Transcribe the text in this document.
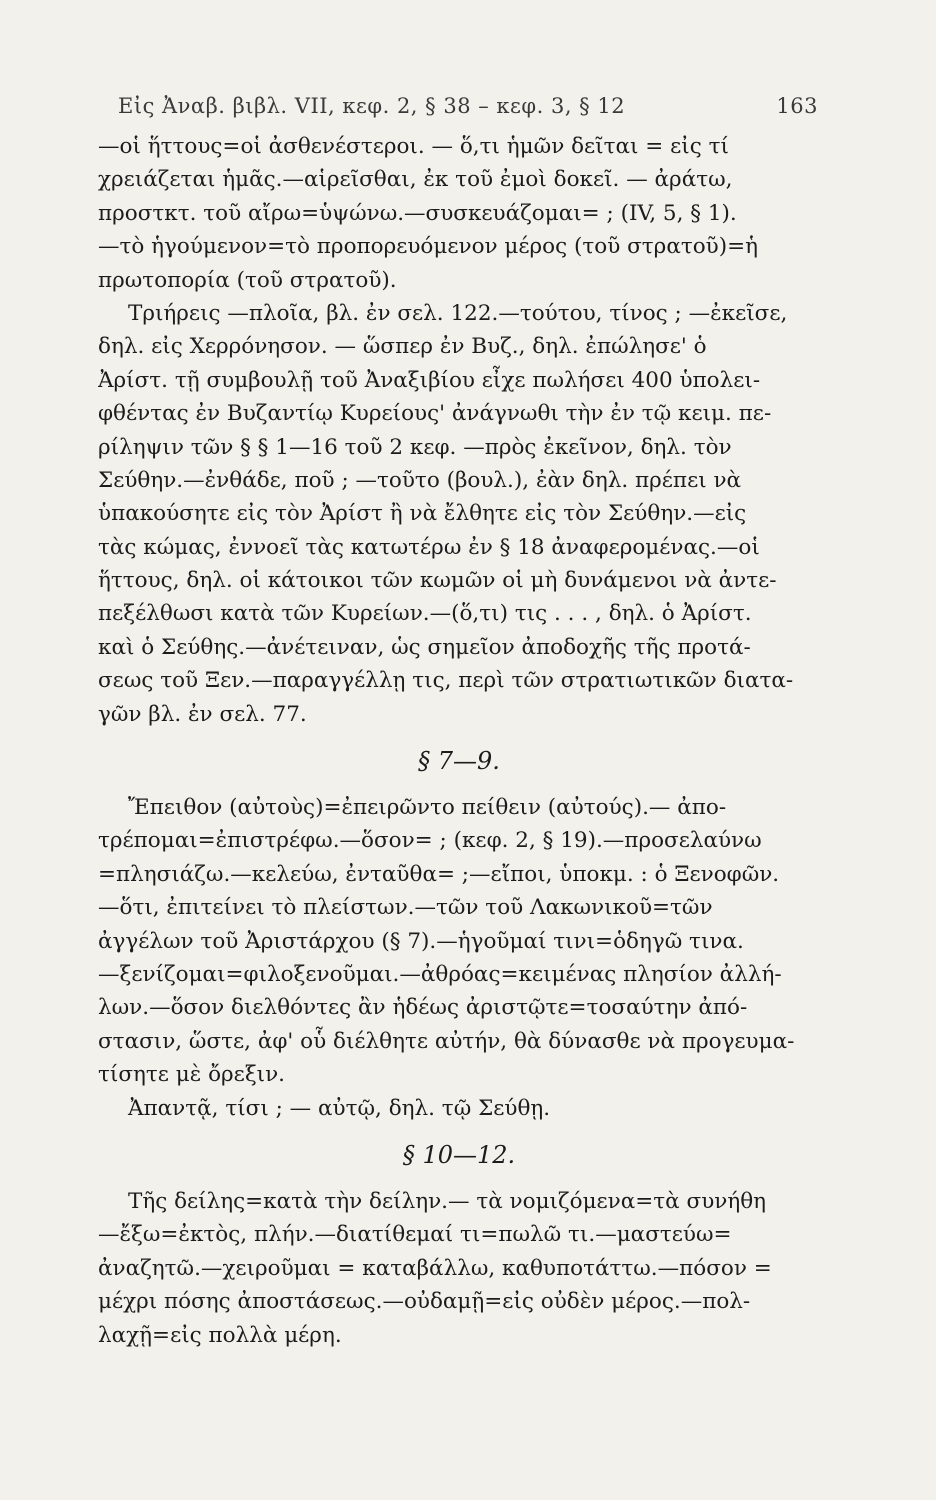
Εἰς Ἀναβ. βιβλ. VII, κεφ. 2, § 38 – κεφ. 3, § 12	163
—οἱ ἥττους=οἱ ἀσθενέστεροι. — ὅ,τι ἡμῶν δεῖται = εἰς τί
χρειάζεται ἡμᾶς.—αἱρεῖσθαι, ἐκ τοῦ ἐμοὶ δοκεῖ. — ἀράτω,
προστκτ. τοῦ αἴρω=ὑψώνω.—συσκευάζομαι= ; (IV, 5, § 1).
—τὸ ἡγούμενον=τὸ προπορευόμενον μέρος (τοῦ στρατοῦ)=ἡ
πρωτοπορία (τοῦ στρατοῦ).
Τριήρεις —πλοῖα, βλ. ἐν σελ. 122.—τούτου, τίνος ; —ἐκεῖσε,
δηλ. εἰς Χερρόνησον. — ὥσπερ ἐν Βυζ., δηλ. ἐπώλησε' ὁ
Ἀρίστ. τῇ συμβουλῇ τοῦ Ἀναξιβίου εἶχε πωλήσει 400 ὑπολει-
φθέντας ἐν Βυζαντίῳ Κυρείους' ἀνάγνωθι τὴν ἐν τῷ κειμ. πε-
ρίληψιν τῶν § § 1—16 τοῦ 2 κεφ. —πρὸς ἐκεῖνον, δηλ. τὸν
Σεύθην.—ἐνθάδε, ποῦ ; —τοῦτο (βουλ.), ἐὰν δηλ. πρέπει νὰ
ὑπακούσητε εἰς τὸν Ἀρίστ ἢ νὰ ἔλθητε εἰς τὸν Σεύθην.—εἰς
τὰς κώμας, ἐννοεῖ τὰς κατωτέρω ἐν § 18 ἀναφερομένας.—οἱ
ἥττους, δηλ. οἱ κάτοικοι τῶν κωμῶν οἱ μὴ δυνάμενοι νὰ ἀντε-
πεξέλθωσι κατὰ τῶν Κυρείων.—(ὅ,τι) τις . . . , δηλ. ὁ Ἀρίστ.
καὶ ὁ Σεύθης.—ἀνέτειναν, ὡς σημεῖον ἀποδοχῆς τῆς προτά-
σεως τοῦ Ξεν.—παραγγέλλῃ τις, περὶ τῶν στρατιωτικῶν διατα-
γῶν βλ. ἐν σελ. 77.
§ 7—9.
Ἔπειθον (αὐτοὺς)=ἐπειρῶντο πείθειν (αὐτούς).— ἀπο-
τρέπομαι=ἐπιστρέφω.—ὅσον= ; (κεφ. 2, § 19).—προσελαύνω
=πλησιάζω.—κελεύω, ἐνταῦθα= ;—εἴποι, ὑποκμ. : ὁ Ξενοφῶν.
—ὅτι, ἐπιτείνει τὸ πλείστων.—τῶν τοῦ Λακωνικοῦ=τῶν
ἀγγέλων τοῦ Ἀριστάρχου (§ 7).—ἡγοῦμαί τινι=ὁδηγῶ τινα.
—ξενίζομαι=φιλοξενοῦμαι.—ἀθρόας=κειμένας πλησίον ἀλλή-
λων.—ὅσον διελθόντες ἂν ἡδέως ἀριστῷτε=τοσαύτην ἀπό-
στασιν, ὥστε, ἀφ' οὗ διέλθητε αὐτήν, θὰ δύνασθε νὰ προγευμα-
τίσητε μὲ ὄρεξιν.
Ἀπαντᾷ, τίσι ; — αὐτῷ, δηλ. τῷ Σεύθῃ.
§ 10—12.
Τῆς δείλης=κατὰ τὴν δείλην.— τὰ νομιζόμενα=τὰ συνήθη
—ἔξω=ἐκτὸς, πλήν.—διατίθεμαί τι=πωλῶ τι.—μαστεύω=
ἀναζητῶ.—χειροῦμαι = καταβάλλω, καθυποτάττω.—πόσον =
μέχρι πόσης ἀποστάσεως.—οὐδαμῇ=εἰς οὐδὲν μέρος.—πολ-
λαχῇ=εἰς πολλὰ μέρη.
